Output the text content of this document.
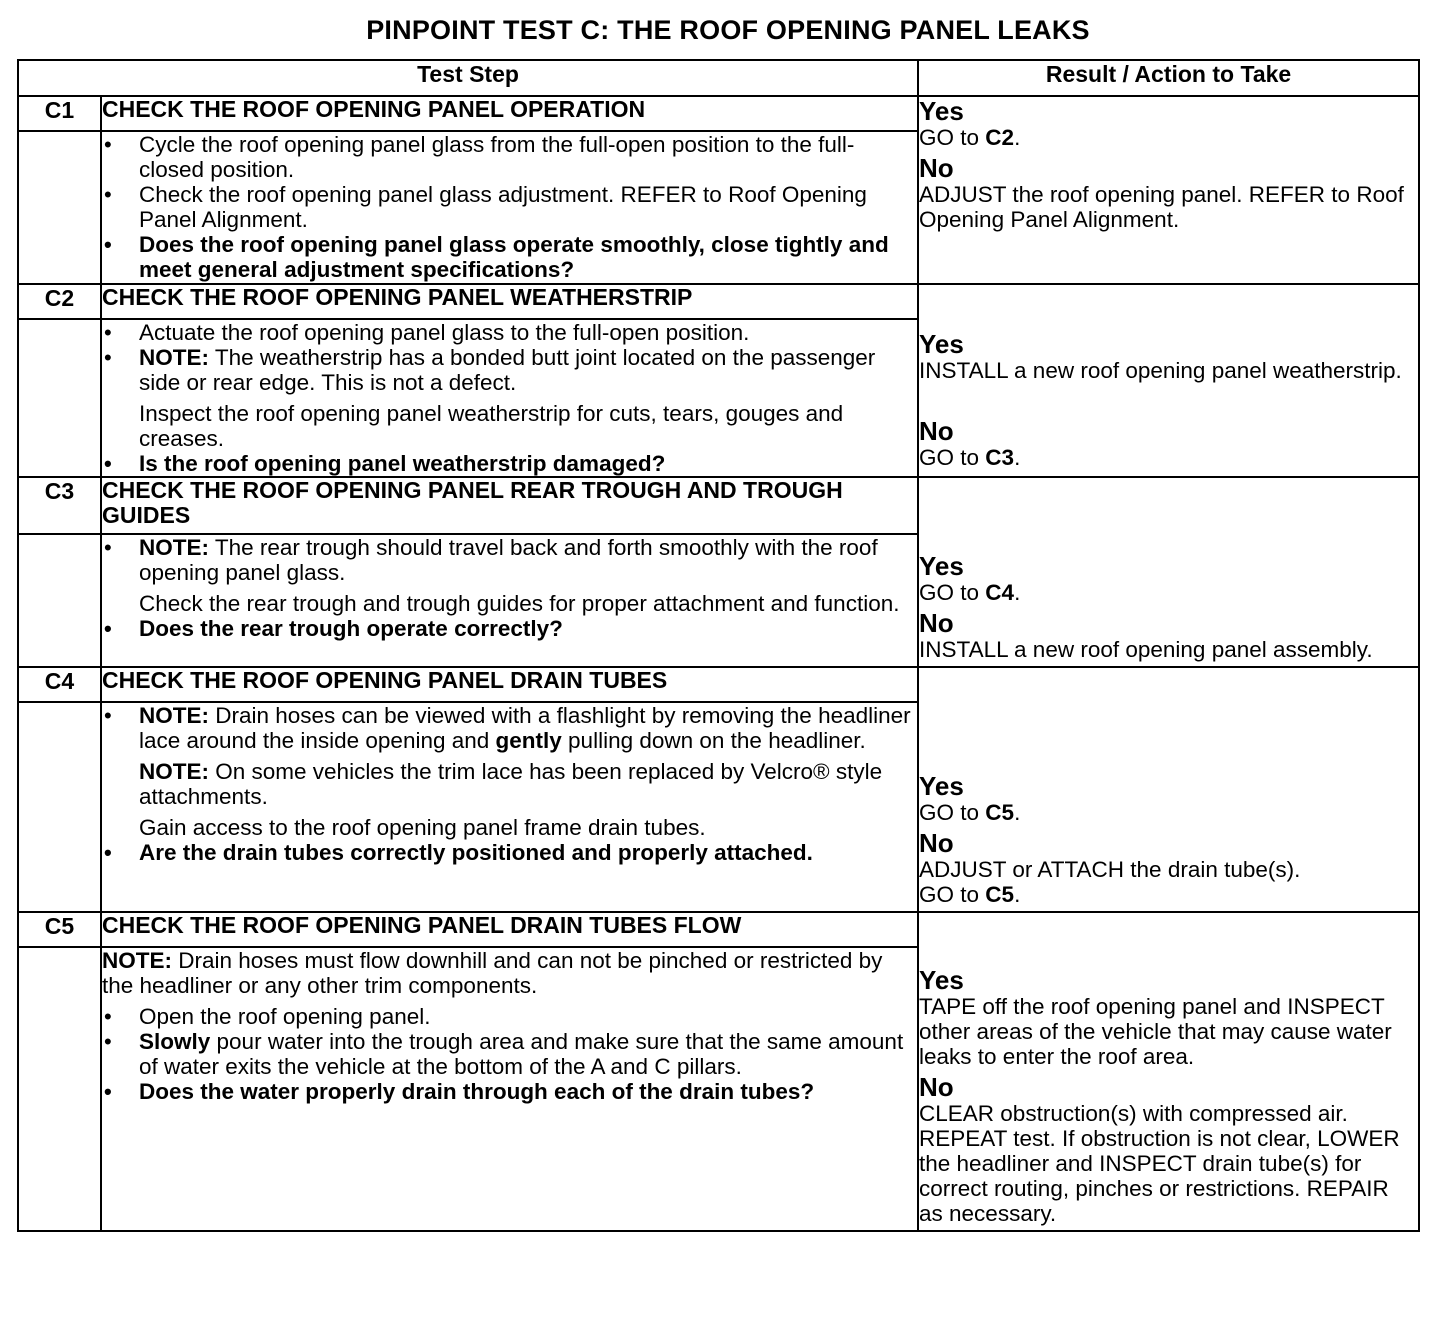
PINPOINT TEST C: THE ROOF OPENING PANEL LEAKS
Test Step		Result / Action to Take
C1	CHECK THE ROOF OPENING PANEL OPERATION	Yes
GO to C2.
No
ADJUST the roof opening panel. REFER to Roof Opening Panel Alignment.

	• Cycle the roof opening panel glass from the full-open position to the full-closed position.
• Check the roof opening panel glass adjustment. REFER to Roof Opening Panel Alignment.
• Does the roof opening panel glass operate smoothly, close tightly and meet general adjustment specifications?

C2	CHECK THE ROOF OPENING PANEL WEATHERSTRIP	Yes
INSTALL a new roof opening panel weatherstrip.
No
GO to C3.

	• Actuate the roof opening panel glass to the full-open position.
• NOTE: The weatherstrip has a bonded butt joint located on the passenger side or rear edge. This is not a defect.
Inspect the roof opening panel weatherstrip for cuts, tears, gouges and creases.
• Is the roof opening panel weatherstrip damaged?

C3	CHECK THE ROOF OPENING PANEL REAR TROUGH AND TROUGH GUIDES	Yes
GO to C4.
No
INSTALL a new roof opening panel assembly.

	• NOTE: The rear trough should travel back and forth smoothly with the roof opening panel glass.
Check the rear trough and trough guides for proper attachment and function.
• Does the rear trough operate correctly?

C4	CHECK THE ROOF OPENING PANEL DRAIN TUBES	Yes
GO to C5.
No
ADJUST or ATTACH the drain tube(s).
GO to C5.

	• NOTE: Drain hoses can be viewed with a flashlight by removing the headliner lace around the inside opening and gently pulling down on the headliner.
NOTE: On some vehicles the trim lace has been replaced by Velcro® style attachments.
Gain access to the roof opening panel frame drain tubes.
• Are the drain tubes correctly positioned and properly attached.

C5	CHECK THE ROOF OPENING PANEL DRAIN TUBES FLOW	Yes
TAPE off the roof opening panel and INSPECT other areas of the vehicle that may cause water leaks to enter the roof area.
No
CLEAR obstruction(s) with compressed air. REPEAT test. If obstruction is not clear, LOWER the headliner and INSPECT drain tube(s) for correct routing, pinches or restrictions. REPAIR as necessary.

	NOTE: Drain hoses must flow downhill and can not be pinched or restricted by the headliner or any other trim components.
• Open the roof opening panel.
• Slowly pour water into the trough area and make sure that the same amount of water exits the vehicle at the bottom of the A and C pillars.
• Does the water properly drain through each of the drain tubes?
